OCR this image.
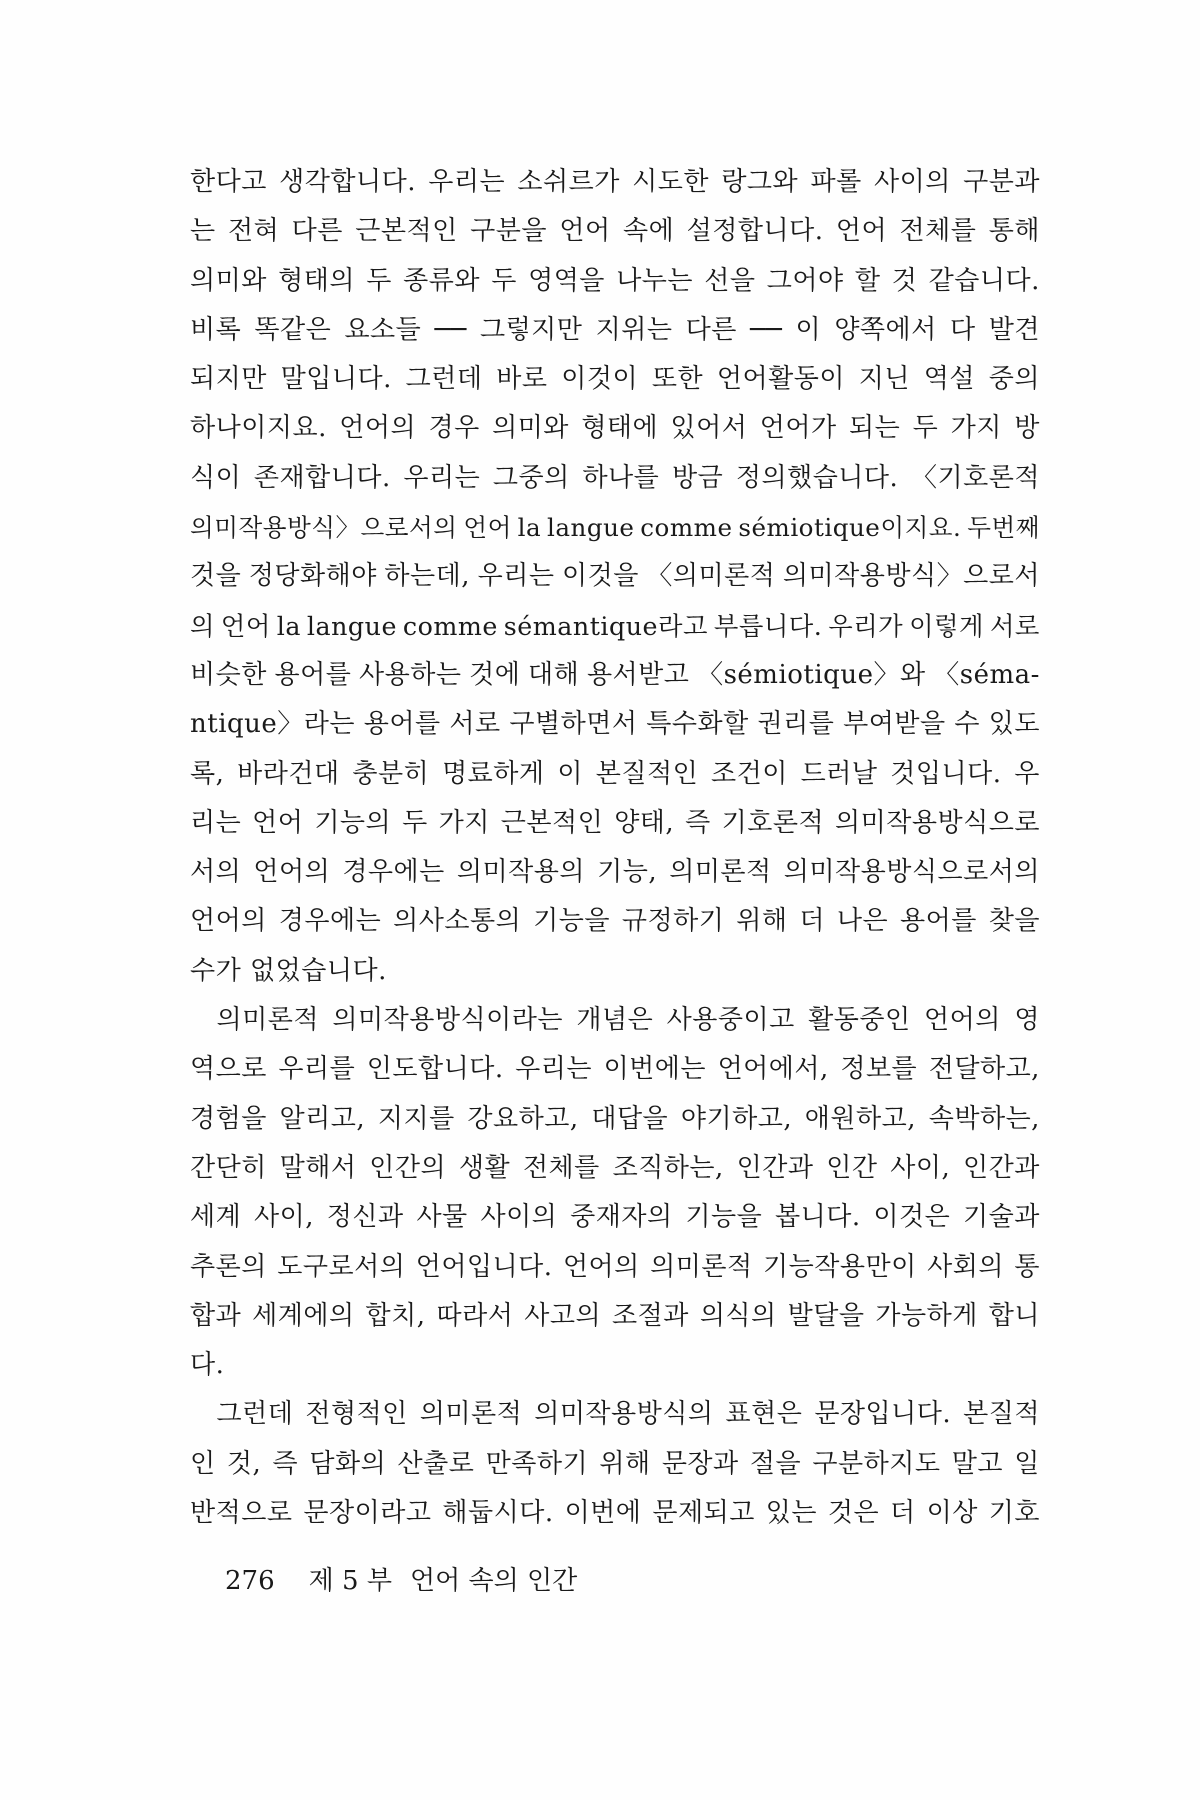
한다고 생각합니다. 우리는 소쉬르가 시도한 랑그와 파롤 사이의 구분과
는 전혀 다른 근본적인 구분을 언어 속에 설정합니다. 언어 전체를 통해
의미와 형태의 두 종류와 두 영역을 나누는 선을 그어야 할 것 같습니다.
비록 똑같은 요소들 ── 그렇지만 지위는 다른 ── 이 양쪽에서 다 발견
되지만 말입니다. 그런데 바로 이것이 또한 언어활동이 지닌 역설 중의
하나이지요. 언어의 경우 의미와 형태에 있어서 언어가 되는 두 가지 방
식이 존재합니다. 우리는 그중의 하나를 방금 정의했습니다. 〈기호론적
의미작용방식〉으로서의 언어 la langue comme sémiotique이지요. 두번째
것을 정당화해야 하는데, 우리는 이것을 〈의미론적 의미작용방식〉으로서
의 언어 la langue comme sémantique라고 부릅니다. 우리가 이렇게 서로
비슷한 용어를 사용하는 것에 대해 용서받고 〈sémiotique〉와 〈séma-
ntique〉라는 용어를 서로 구별하면서 특수화할 권리를 부여받을 수 있도
록, 바라건대 충분히 명료하게 이 본질적인 조건이 드러날 것입니다. 우
리는 언어 기능의 두 가지 근본적인 양태, 즉 기호론적 의미작용방식으로
서의 언어의 경우에는 의미작용의 기능, 의미론적 의미작용방식으로서의
언어의 경우에는 의사소통의 기능을 규정하기 위해 더 나은 용어를 찾을
수가 없었습니다.
　의미론적 의미작용방식이라는 개념은 사용중이고 활동중인 언어의 영
역으로 우리를 인도합니다. 우리는 이번에는 언어에서, 정보를 전달하고,
경험을 알리고, 지지를 강요하고, 대답을 야기하고, 애원하고, 속박하는,
간단히 말해서 인간의 생활 전체를 조직하는, 인간과 인간 사이, 인간과
세계 사이, 정신과 사물 사이의 중재자의 기능을 봅니다. 이것은 기술과
추론의 도구로서의 언어입니다. 언어의 의미론적 기능작용만이 사회의 통
합과 세계에의 합치, 따라서 사고의 조절과 의식의 발달을 가능하게 합니
다.
　그런데 전형적인 의미론적 의미작용방식의 표현은 문장입니다. 본질적
인 것, 즉 담화의 산출로 만족하기 위해 문장과 절을 구분하지도 말고 일
반적으로 문장이라고 해둡시다. 이번에 문제되고 있는 것은 더 이상 기호
276 제 5 부 언어 속의 인간
